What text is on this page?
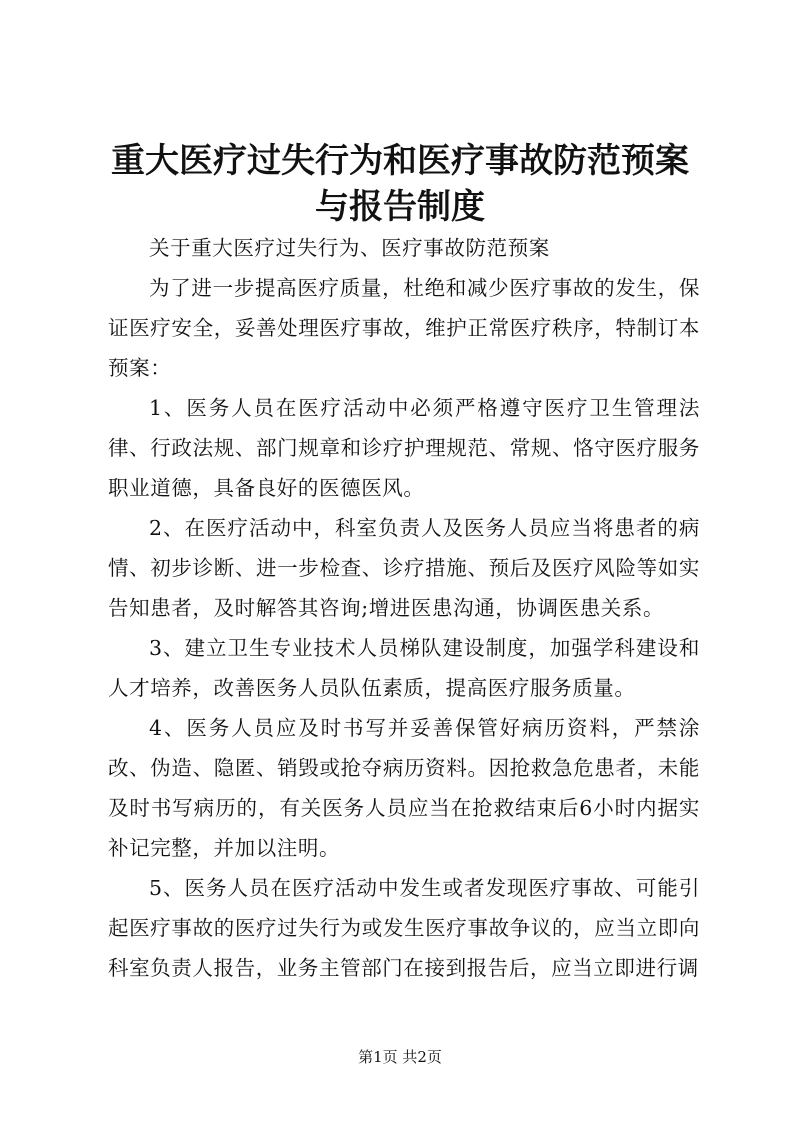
重大医疗过失行为和医疗事故防范预案与报告制度

关于重大医疗过失行为、医疗事故防范预案

为了进一步提高医疗质量，杜绝和减少医疗事故的发生，保证医疗安全，妥善处理医疗事故，维护正常医疗秩序，特制订本预案：

1、医务人员在医疗活动中必须严格遵守医疗卫生管理法律、行政法规、部门规章和诊疗护理规范、常规、恪守医疗服务职业道德，具备良好的医德医风。

2、在医疗活动中，科室负责人及医务人员应当将患者的病情、初步诊断、进一步检查、诊疗措施、预后及医疗风险等如实告知患者，及时解答其咨询;增进医患沟通，协调医患关系。

3、建立卫生专业技术人员梯队建设制度，加强学科建设和人才培养，改善医务人员队伍素质，提高医疗服务质量。

4、医务人员应及时书写并妥善保管好病历资料，严禁涂改、伪造、隐匿、销毁或抢夺病历资料。因抢救急危患者，未能及时书写病历的，有关医务人员应当在抢救结束后6小时内据实补记完整，并加以注明。

5、医务人员在医疗活动中发生或者发现医疗事故、可能引起医疗事故的医疗过失行为或发生医疗事故争议的，应当立即向科室负责人报告，业务主管部门在接到报告后，应当立即进行调

第1页 共2页
